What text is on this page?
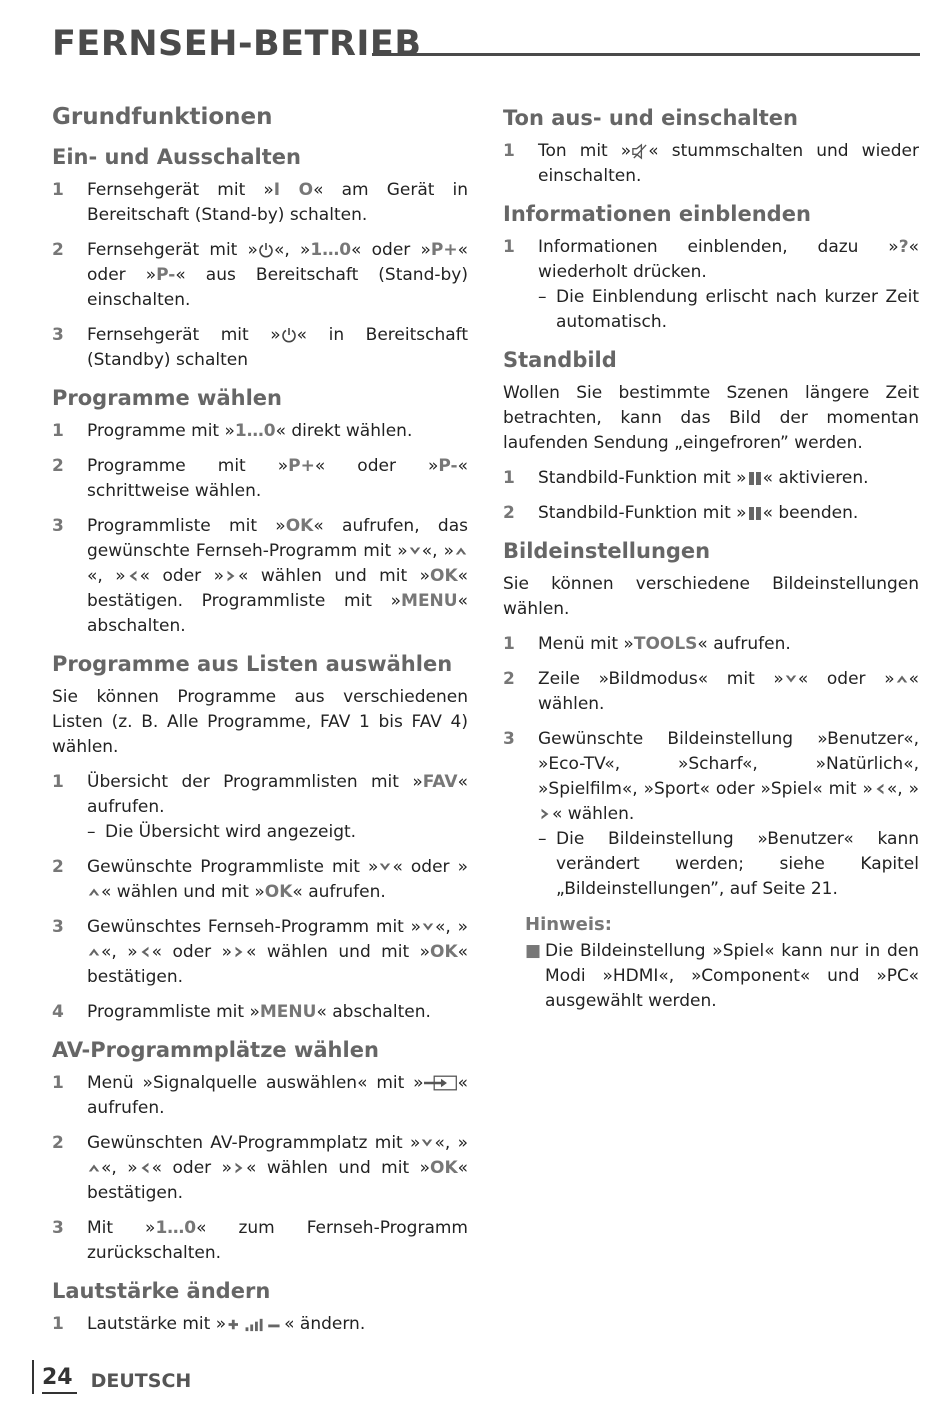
FERNSEH-BETRIEB
Grundfunktionen
Ein- und Ausschalten
1	Fernsehgerät mit »I O« am Gerät in Bereitschaft (Stand-by) schalten.
2	Fernsehgerät mit » «, »1…0« oder »P+« oder »P-« aus Bereitschaft (Stand-by) einschalten.
3	Fernsehgerät mit » « in Bereitschaft (Standby) schalten
Programme wählen
1	Programme mit »1…0« direkt wählen.
2	Programme mit »P+« oder »P-« schrittweise wählen.
3	Programmliste mit »OK« aufrufen, das gewünschte Fernseh-Programm mit » «, »«, » « oder » « wählen und mit »OK« bestätigen. Programmliste mit »MENU« abschalten.
Programme aus Listen auswählen
Sie können Programme aus verschiedenen Listen (z. B. Alle Programme, FAV 1 bis FAV 4) wählen.
1	Übersicht der Programmlisten mit »FAV« aufrufen.
– Die Übersicht wird angezeigt.
2	Gewünschte Programmliste mit » « oder »« wählen und mit »OK« aufrufen.
3	Gewünschtes Fernseh-Programm mit » «, »«, » « oder » « wählen und mit »OK« bestätigen.
4	Programmliste mit »MENU« abschalten.
AV-Programmplätze wählen
1	Menü »Signalquelle auswählen« mit » « aufrufen.
2	Gewünschten AV-Programmplatz mit » «, »«, » « oder » « wählen und mit »OK« bestätigen.
3	Mit »1…0« zum Fernseh-Programm zurückschalten.
Lautstärke ändern
1	Lautstärke mit »	« ändern.
Ton aus- und einschalten
1	Ton mit » « stummschalten und wieder einschalten.
Informationen einblenden
1	Informationen einblenden, dazu »?« wiederholt drücken.
– Die Einblendung erlischt nach kurzer Zeit automatisch.
Standbild
Wollen Sie bestimmte Szenen längere Zeit betrachten, kann das Bild der momentan laufenden Sendung „eingefroren” werden.
1	Standbild-Funktion mit » « aktivieren.
2	Standbild-Funktion mit » « beenden.
Bildeinstellungen
Sie können verschiedene Bildeinstellungen wählen.
1	Menü mit »TOOLS« aufrufen.
2	Zeile »Bildmodus« mit » « oder » « wählen.
3	Gewünschte Bildeinstellung »Benutzer«, »Eco-TV«, »Scharf«, »Natürlich«, »Spielfilm«, »Sport« oder »Spiel« mit » «, »« wählen.
– Die Bildeinstellung »Benutzer« kann verändert werden; siehe Kapitel „Bildeinstellungen”, auf Seite 21.
Hinweis:
■ Die Bildeinstellung »Spiel« kann nur in den Modi »HDMI«, »Component« und »PC« ausgewählt werden.
24 DEUTSCH
